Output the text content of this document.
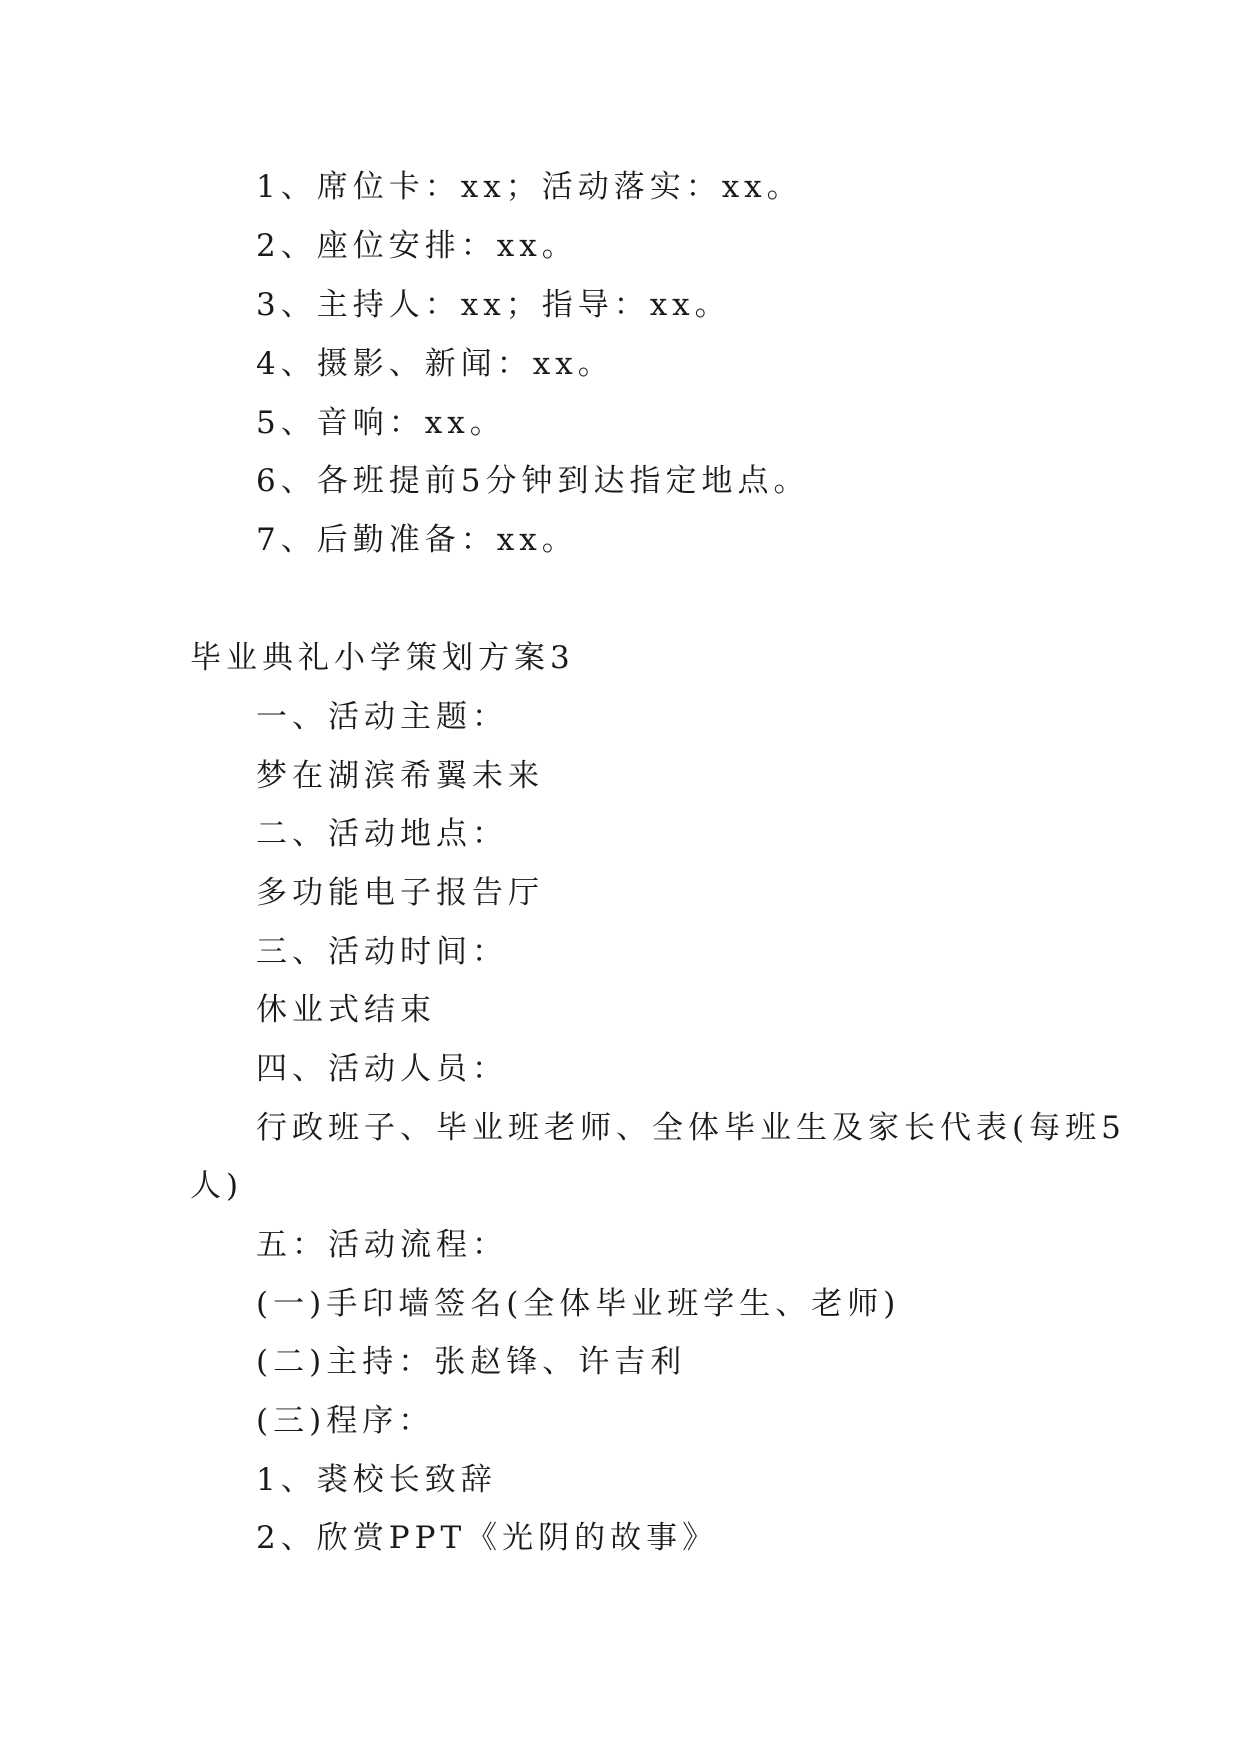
1、席位卡：xx；活动落实：xx。
2、座位安排：xx。
3、主持人：xx；指导：xx。
4、摄影、新闻：xx。
5、音响：xx。
6、各班提前5分钟到达指定地点。
7、后勤准备：xx。
毕业典礼小学策划方案3
一、活动主题：
梦在湖滨希翼未来
二、活动地点：
多功能电子报告厅
三、活动时间：
休业式结束
四、活动人员：
行政班子、毕业班老师、全体毕业生及家长代表(每班5
人)
五：活动流程：
(一)手印墙签名(全体毕业班学生、老师)
(二)主持：张赵锋、许吉利
(三)程序：
1、裘校长致辞
2、欣赏PPT《光阴的故事》
